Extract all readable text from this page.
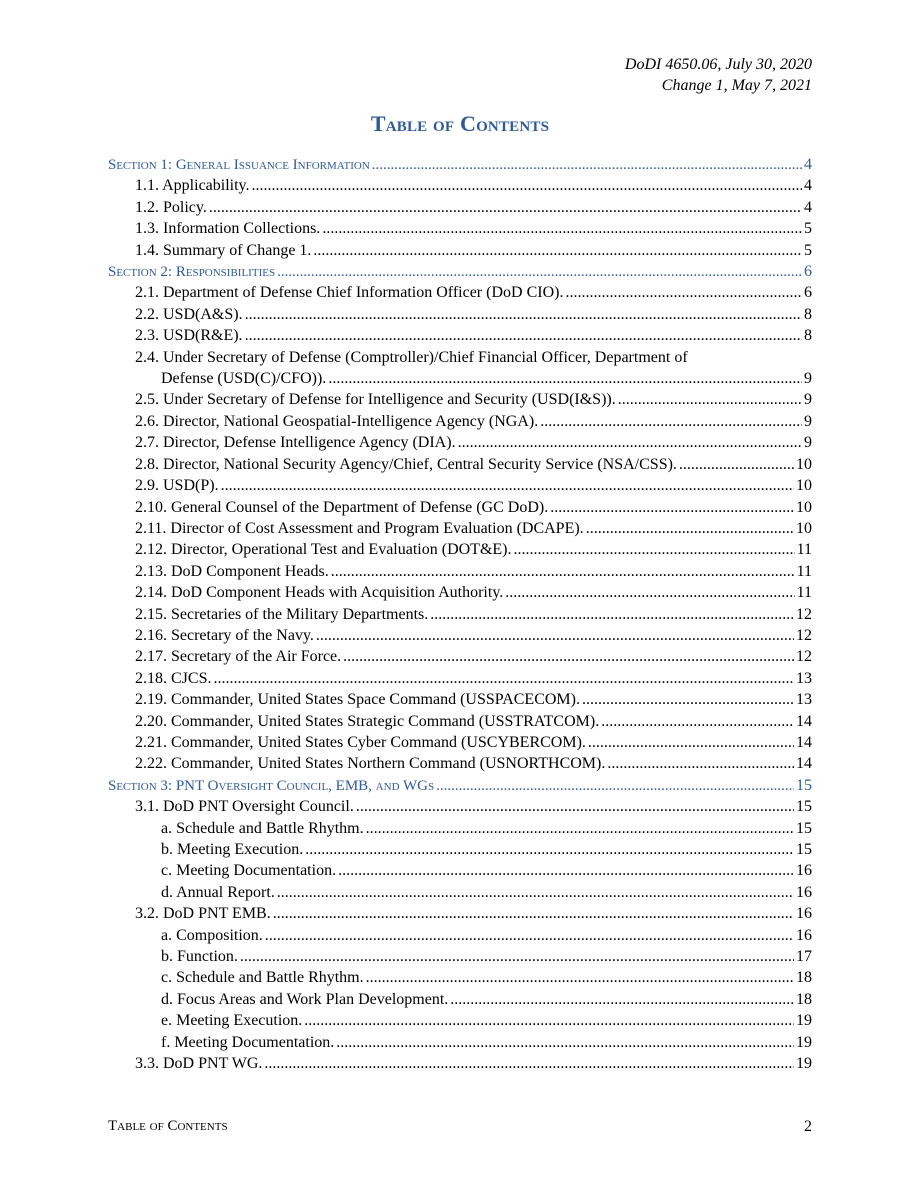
DoDI 4650.06, July 30, 2020
Change 1, May 7, 2021
Table of Contents
Section 1: General Issuance Information .....	4
1.1. Applicability. .....	4
1.2. Policy. .....	4
1.3. Information Collections. .....	5
1.4. Summary of Change 1. .....	5
Section 2: Responsibilities .....	6
2.1. Department of Defense Chief Information Officer (DoD CIO). .....	6
2.2. USD(A&S). .....	8
2.3. USD(R&E). .....	8
2.4. Under Secretary of Defense (Comptroller)/Chief Financial Officer, Department of
Defense (USD(C)/CFO)). .....	9
2.5. Under Secretary of Defense for Intelligence and Security (USD(I&S)). .....	9
2.6. Director, National Geospatial-Intelligence Agency (NGA). .....	9
2.7. Director, Defense Intelligence Agency (DIA). .....	9
2.8. Director, National Security Agency/Chief, Central Security Service (NSA/CSS). .....	10
2.9. USD(P). .....	10
2.10. General Counsel of the Department of Defense (GC DoD). .....	10
2.11. Director of Cost Assessment and Program Evaluation (DCAPE). .....	10
2.12. Director, Operational Test and Evaluation (DOT&E). .....	11
2.13. DoD Component Heads. .....	11
2.14. DoD Component Heads with Acquisition Authority. .....	11
2.15. Secretaries of the Military Departments. .....	12
2.16. Secretary of the Navy. .....	12
2.17. Secretary of the Air Force. .....	12
2.18. CJCS. .....	13
2.19. Commander, United States Space Command (USSPACECOM). .....	13
2.20. Commander, United States Strategic Command (USSTRATCOM). .....	14
2.21. Commander, United States Cyber Command (USCYBERCOM). .....	14
2.22. Commander, United States Northern Command (USNORTHCOM). .....	14
Section 3: PNT Oversight Council, EMB, and WGs .....	15
3.1. DoD PNT Oversight Council. .....	15
a. Schedule and Battle Rhythm. .....	15
b. Meeting Execution. .....	15
c. Meeting Documentation. .....	16
d. Annual Report. .....	16
3.2. DoD PNT EMB. .....	16
a. Composition. .....	16
b. Function. .....	17
c. Schedule and Battle Rhythm. .....	18
d. Focus Areas and Work Plan Development. .....	18
e. Meeting Execution. .....	19
f. Meeting Documentation. .....	19
3.3. DoD PNT WG. .....	19
Table of Contents	2
